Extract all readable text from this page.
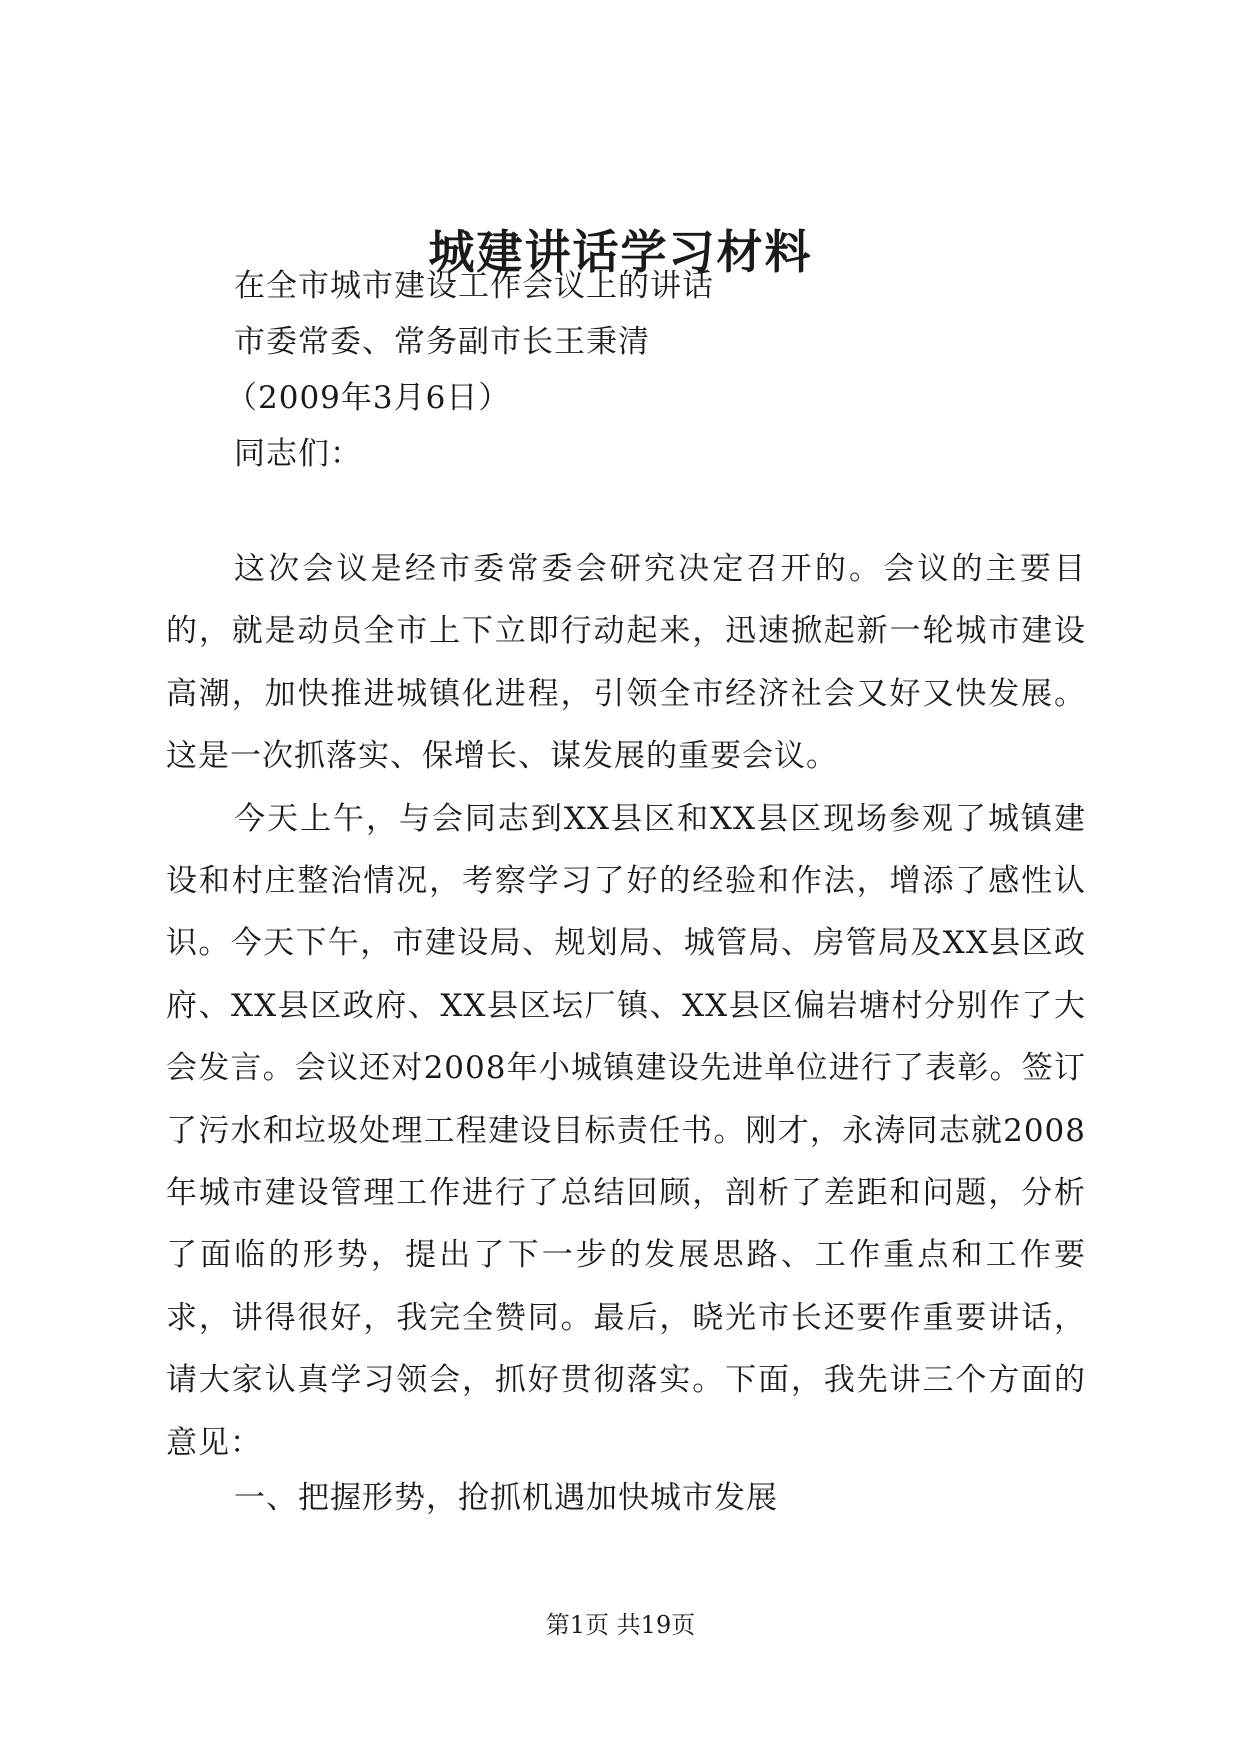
城建讲话学习材料
在全市城市建设工作会议上的讲话
市委常委、常务副市长王秉清
（2009年3月6日）
同志们：

这次会议是经市委常委会研究决定召开的。会议的主要目的，就是动员全市上下立即行动起来，迅速掀起新一轮城市建设高潮，加快推进城镇化进程，引领全市经济社会又好又快发展。这是一次抓落实、保增长、谋发展的重要会议。

今天上午，与会同志到XX县区和XX县区现场参观了城镇建设和村庄整治情况，考察学习了好的经验和作法，增添了感性认识。今天下午，市建设局、规划局、城管局、房管局及XX县区政府、XX县区政府、XX县区坛厂镇、XX县区偏岩塘村分别作了大会发言。会议还对2008年小城镇建设先进单位进行了表彰。签订了污水和垃圾处理工程建设目标责任书。刚才，永涛同志就2008年城市建设管理工作进行了总结回顾，剖析了差距和问题，分析了面临的形势，提出了下一步的发展思路、工作重点和工作要求，讲得很好，我完全赞同。最后，晓光市长还要作重要讲话，请大家认真学习领会，抓好贯彻落实。下面，我先讲三个方面的意见：

一、把握形势，抢抓机遇加快城市发展
第1页 共19页
